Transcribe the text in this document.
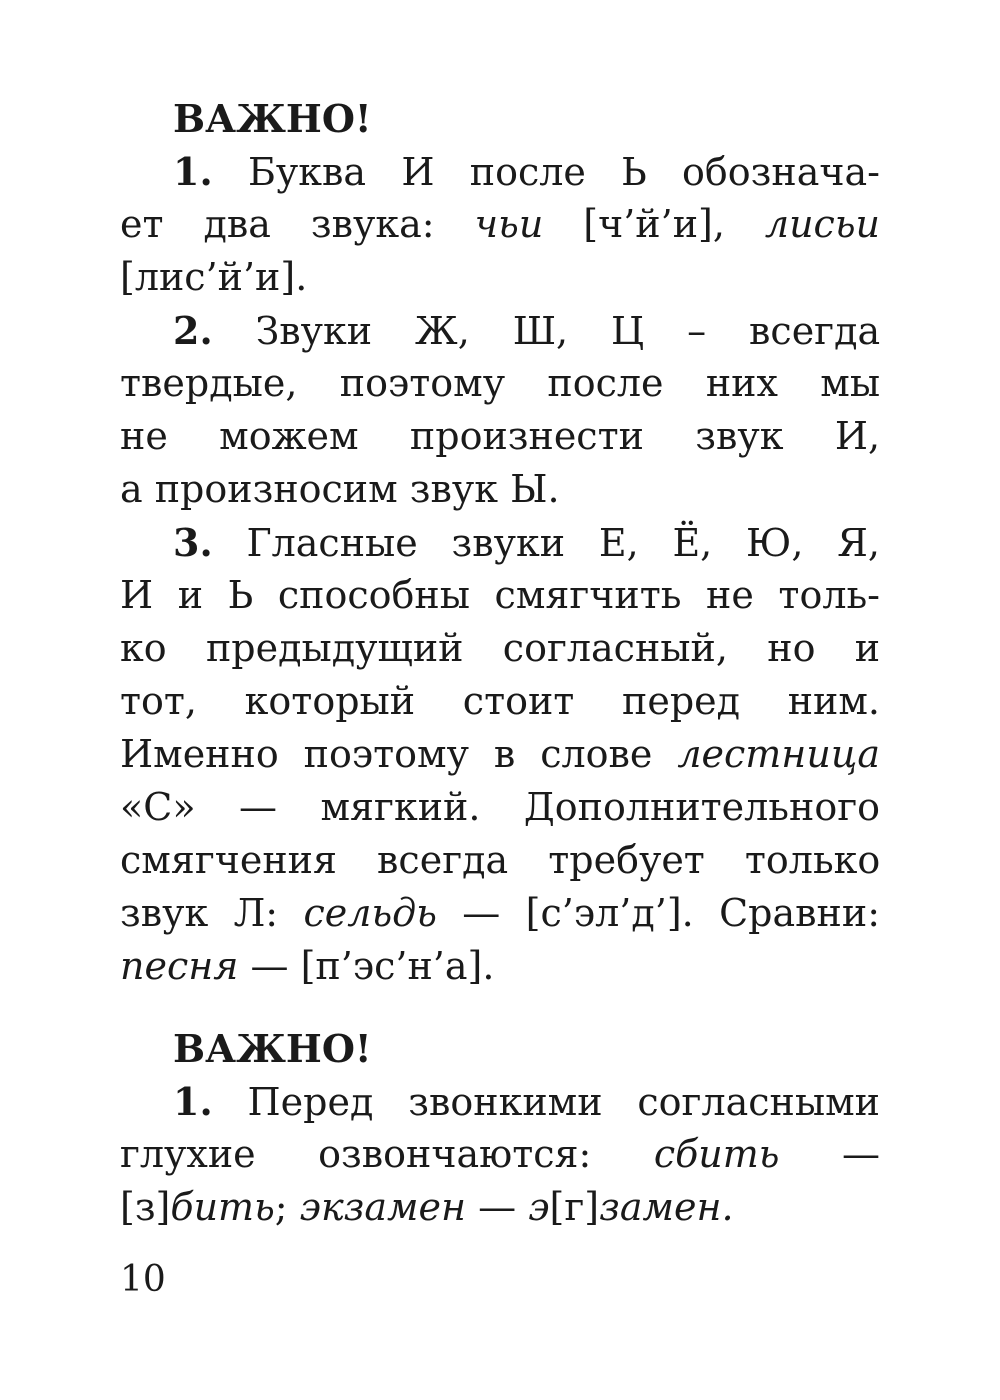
ВАЖНО!
1. Буква И после Ь обознача-
ет два звука: чьи [ч’й’и], лисьи
[лис’й’и].
2. Звуки Ж, Ш, Ц – всегда
твердые, поэтому после них мы
не можем произнести звук И,
а произносим звук Ы.
3. Гласные звуки Е, Ё, Ю, Я,
И и Ь способны смягчить не толь-
ко предыдущий согласный, но и
тот, который стоит перед ним.
Именно поэтому в слове лестница
«С» — мягкий. Дополнительного
смягчения всегда требует только
звук Л: сельдь — [с’эл’д’]. Сравни:
песня — [п’эс’н’а].
ВАЖНО!
1. Перед звонкими согласными
глухие озвончаются: сбить —
[з]бить; экзамен — э[г]замен.
10
